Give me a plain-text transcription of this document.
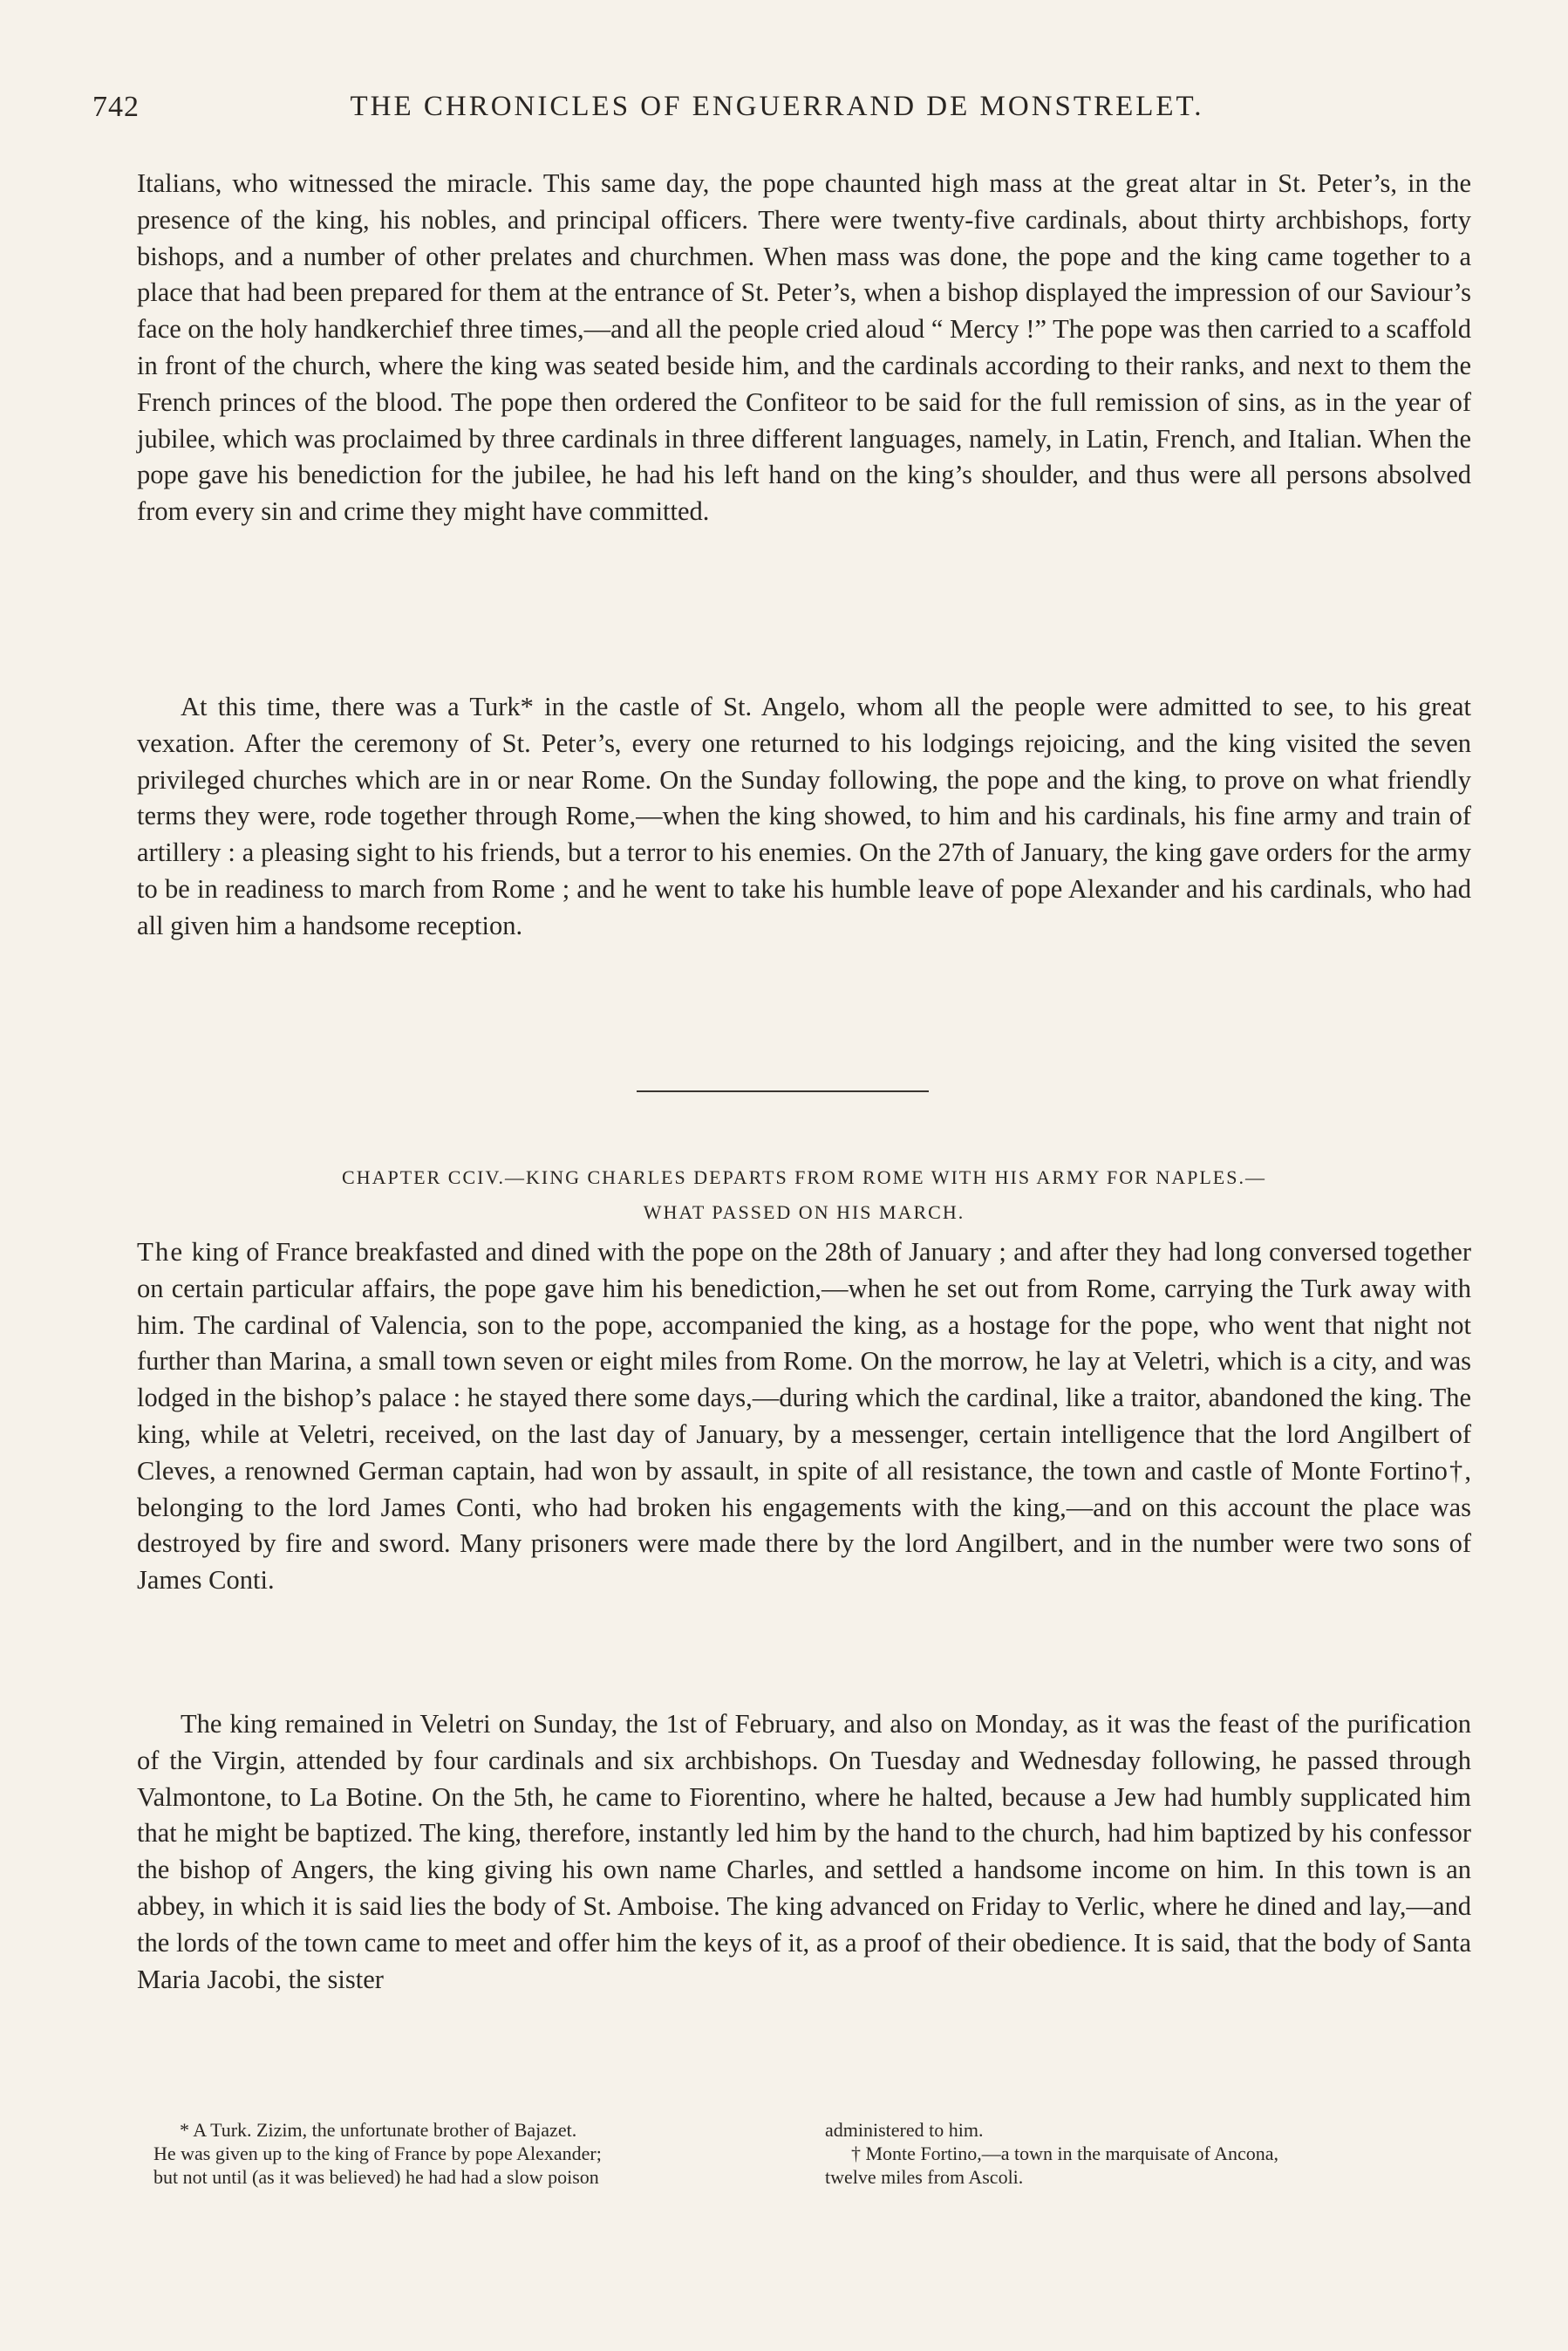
742	THE CHRONICLES OF ENGUERRAND DE MONSTRELET.

Italians, who witnessed the miracle. This same day, the pope chaunted high mass at the great altar in St. Peter’s, in the presence of the king, his nobles, and principal officers. There were twenty-five cardinals, about thirty archbishops, forty bishops, and a number of other prelates and churchmen. When mass was done, the pope and the king came together to a place that had been prepared for them at the entrance of St. Peter’s, when a bishop displayed the impression of our Saviour’s face on the holy handkerchief three times,—and all the people cried aloud “ Mercy !” The pope was then carried to a scaffold in front of the church, where the king was seated beside him, and the cardinals according to their ranks, and next to them the French princes of the blood. The pope then ordered the Confiteor to be said for the full remission of sins, as in the year of jubilee, which was proclaimed by three cardinals in three different languages, namely, in Latin, French, and Italian. When the pope gave his benediction for the jubilee, he had his left hand on the king’s shoulder, and thus were all persons absolved from every sin and crime they might have committed.

At this time, there was a Turk* in the castle of St. Angelo, whom all the people were admitted to see, to his great vexation. After the ceremony of St. Peter’s, every one returned to his lodgings rejoicing, and the king visited the seven privileged churches which are in or near Rome. On the Sunday following, the pope and the king, to prove on what friendly terms they were, rode together through Rome,—when the king showed, to him and his cardinals, his fine army and train of artillery : a pleasing sight to his friends, but a terror to his enemies. On the 27th of January, the king gave orders for the army to be in readiness to march from Rome ; and he went to take his humble leave of pope Alexander and his cardinals, who had all given him a handsome reception.

CHAPTER CCIV.—KING CHARLES DEPARTS FROM ROME WITH HIS ARMY FOR NAPLES.—
WHAT PASSED ON HIS MARCH.

The king of France breakfasted and dined with the pope on the 28th of January ; and after they had long conversed together on certain particular affairs, the pope gave him his benediction,—when he set out from Rome, carrying the Turk away with him. The cardinal of Valencia, son to the pope, accompanied the king, as a hostage for the pope, who went that night not further than Marina, a small town seven or eight miles from Rome. On the morrow, he lay at Veletri, which is a city, and was lodged in the bishop’s palace : he stayed there some days,—during which the cardinal, like a traitor, abandoned the king. The king, while at Veletri, received, on the last day of January, by a messenger, certain intelligence that the lord Angilbert of Cleves, a renowned German captain, had won by assault, in spite of all resistance, the town and castle of Monte Fortino†, belonging to the lord James Conti, who had broken his engagements with the king,—and on this account the place was destroyed by fire and sword. Many prisoners were made there by the lord Angilbert, and in the number were two sons of James Conti.

The king remained in Veletri on Sunday, the 1st of February, and also on Monday, as it was the feast of the purification of the Virgin, attended by four cardinals and six archbishops. On Tuesday and Wednesday following, he passed through Valmontone, to La Botine. On the 5th, he came to Fiorentino, where he halted, because a Jew had humbly supplicated him that he might be baptized. The king, therefore, instantly led him by the hand to the church, had him baptized by his confessor the bishop of Angers, the king giving his own name Charles, and settled a handsome income on him. In this town is an abbey, in which it is said lies the body of St. Amboise. The king advanced on Friday to Verlic, where he dined and lay,—and the lords of the town came to meet and offer him the keys of it, as a proof of their obedience. It is said, that the body of Santa Maria Jacobi, the sister

* A Turk. Zizim, the unfortunate brother of Bajazet.
He was given up to the king of France by pope Alexander;
but not until (as it was believed) he had had a slow poison
administered to him.
† Monte Fortino,—a town in the marquisate of Ancona,
twelve miles from Ascoli.
